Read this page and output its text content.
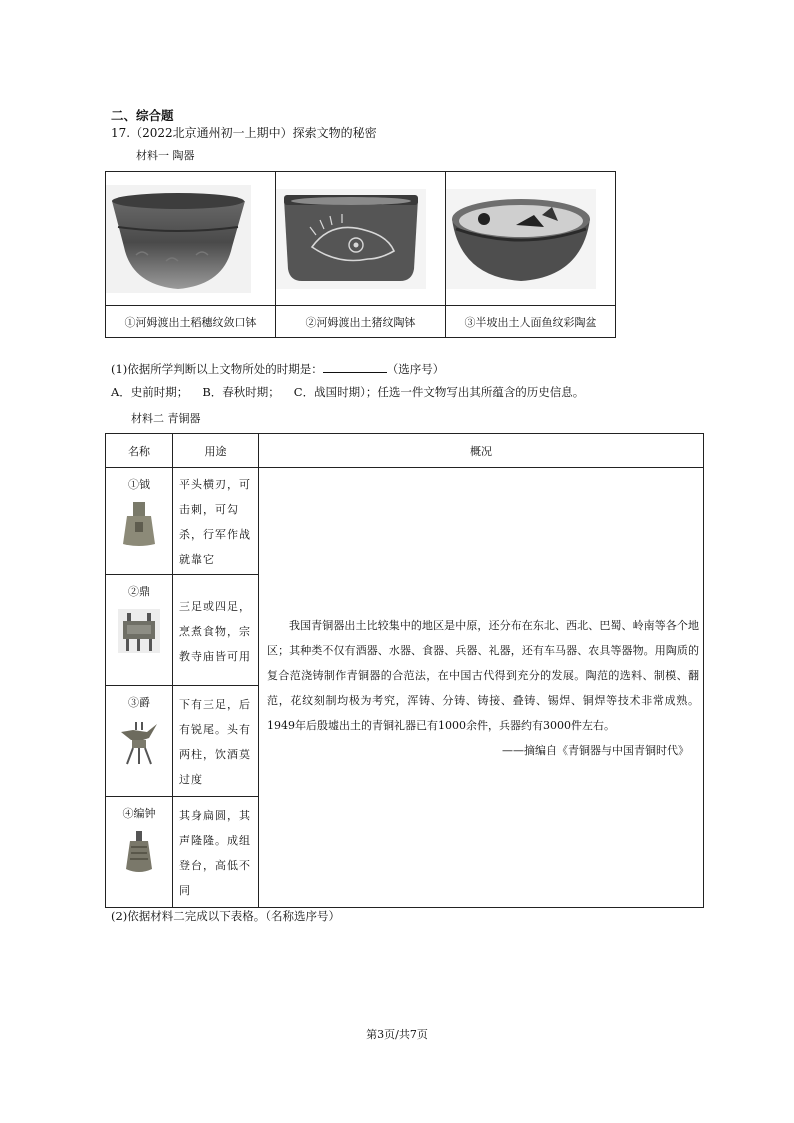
二、综合题
17.（2022北京通州初一上期中）探索文物的秘密
材料一 陶器

①河姆渡出土稻穗纹敛口钵	②河姆渡出土猪纹陶钵	③半坡出土人面鱼纹彩陶盆
(1)依据所学判断以上文物所处的时期是：	（选序号）
A．史前时期； B．春秋时期； C．战国时期）；任选一件文物写出其所蕴含的历史信息。
材料二 青铜器
名称	用途	概况

①钺	平头横刃，可击刺，可勾杀，行军作战就靠它	我国青铜器出土比较集中的地区是中原，还分布在东北、西北、巴蜀、岭南等各个地区；其种类不仅有酒器、水器、食器、兵器、礼器，还有车马器、农具等器物。用陶质的复合范浇铸制作青铜器的合范法，在中国古代得到充分的发展。陶范的选料、制模、翻范，花纹刻制均极为考究，浑铸、分铸、铸接、叠铸、锡焊、铜焊等技术非常成熟。1949年后殷墟出土的青铜礼器已有1000余件，兵器约有3000件左右。

——摘编自《青铜器与中国青铜时代》

②鼎	三足或四足，烹煮食物，宗教寺庙皆可用	

③爵	下有三足，后有锐尾。头有两柱，饮酒莫过度	

④编钟	其身扁圆，其声隆隆。成组登台，高低不同	
(2)依据材料二完成以下表格。（名称选序号）
第3页/共7页
